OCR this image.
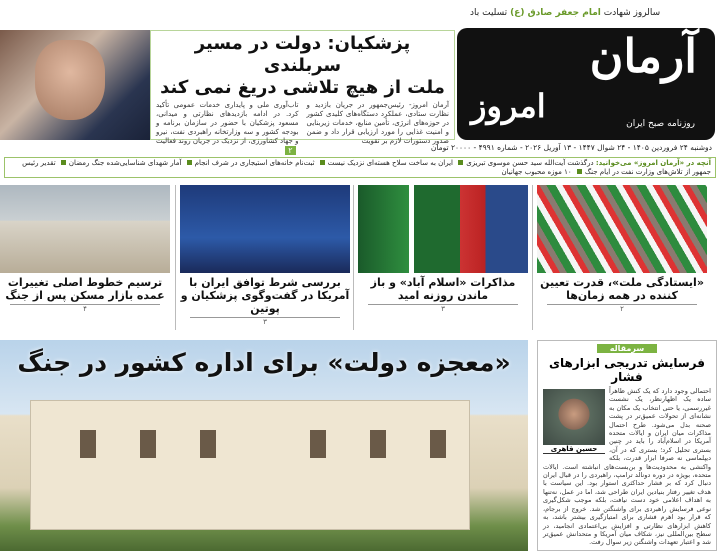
سالروز شهادت امام جعفر صادق (ع) تسلیت باد
آرمان
امروز	روزنامه صبح ایران
پزشکیان: دولت در مسیر سربلندی
ملت از هیچ تلاشی دریغ نمی کند
آرمان امروز- رئیس‌جمهور در جریان بازدید و نظارت ستادی، عملکرد دستگاه‌های کلیدی کشور در حوزه‌های انرژی، تأمین منابع، خدمات زیربنایی و امنیت غذایی را مورد ارزیابی قرار داد و ضمن صدور دستورات لازم بر تقویت
تاب‌آوری ملی و پایداری خدمات عمومی تأکید کرد. در ادامه بازدیدهای نظارتی و میدانی، مسعود پزشکیان با حضور در سازمان برنامه و بودجه کشور و سه وزارتخانه راهبردی نفت، نیرو و جهاد کشاورزی، از نزدیک در جریان روند فعالیت۲	دوشنبه ۲۴ فروردین ۱۴۰۵ - ۲۴ شوال ۱۴۴۷ - ۱۳ آوریل ۲۰۲۶ - شماره ۴۹۹۱ - ۲۰۰۰۰ تومان
آنچه در «آرمان امروز» می‌خوانید: درگذشت آیت‌الله سید حسن موسوی تبریزی ایران به ساخت سلاح هسته‌ای نزدیک نیست ثبت‌نام خانه‌های استیجاری در شرف انجام آمار شهدای شناسایی‌شده جنگ رمضان تقدیر رئیس جمهور از تلاش‌های وزارت نفت در ایام جنگ ۱۰ موزه محبوب جهانیان
«ایستادگی ملت»، قدرت تعیین کننده در همه زمان‌ها
۲
مذاکرات «اسلام آباد» و باز ماندن روزنه امید
۳
بررسی شرط توافق ایران با آمریکا در گفت‌وگوی پزشکیان و پوتین
۳
ترسیم خطوط اصلی تغییرات عمده بازار مسکن پس از جنگ
۴
«معجزه دولت» برای اداره کشور در جنگ	سرمقاله
فرسایش تدریجی ابزارهای فشار
حسین قاهری
احتمالی وجود دارد که یک کنش ظاهراً ساده یک اظهارنظر، یک نشست غیررسمی، یا حتی انتخاب یک مکان به نشانه‌ای از تحولات عمیق‌تر در پشت صحنه بدل می‌شود. طرح احتمال مذاکرات میان ایران و ایالات متحده آمریکا در اسلام‌آباد را باید در چنین بستری تحلیل کرد؛ بستری که در آن، دیپلماسی نه صرفا ابزار قدرت، بلکه واکنشی به محدودیت‌ها و بن‌بست‌های انباشته است. ایالات متحده، بویژه در دوره دونالد ترامپ، راهبردی را در قبال ایران دنبال کرد که بر فشار حداکثری استوار بود. این سیاست با هدف تغییر رفتار بنیادین ایران طراحی شد، اما در عمل، نه‌تنها به اهداف اعلامی خود دست نیافت، بلکه موجب شکل‌گیری نوعی فرسایش راهبردی برای واشنگتن شد. خروج از برجام، که قرار بود اهرم فشاری برای امتیازگیری بیشتر باشد، به کاهش ابزارهای نظارتی و افزایش بی‌اعتمادی انجامید، در سطح بین‌المللی نیز، شکاف میان آمریکا و متحدانش عمیق‌تر شد و اعتبار تعهدات واشنگتن زیر سوال رفت.
